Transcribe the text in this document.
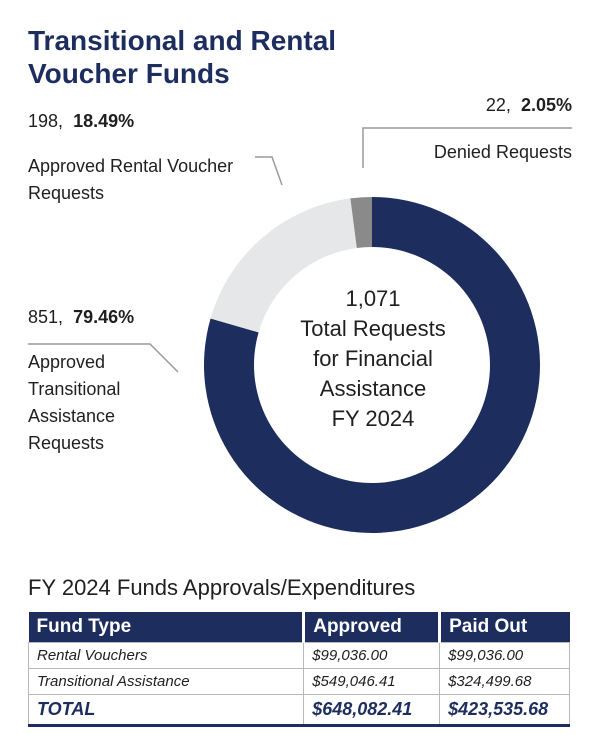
Transitional and Rental
Voucher Funds
198, 18.49%
Approved Rental Voucher
Requests
22, 2.05%
Denied Requests
851, 79.46%
Approved
Transitional
Assistance
Requests
1,071
Total Requests
for Financial
Assistance
FY 2024
FY 2024 Funds Approvals/Expenditures
Fund Type	Approved	Paid Out
Rental Vouchers	$99,036.00	$99,036.00
Transitional Assistance	$549,046.41	$324,499.68
TOTAL	$648,082.41	$423,535.68
